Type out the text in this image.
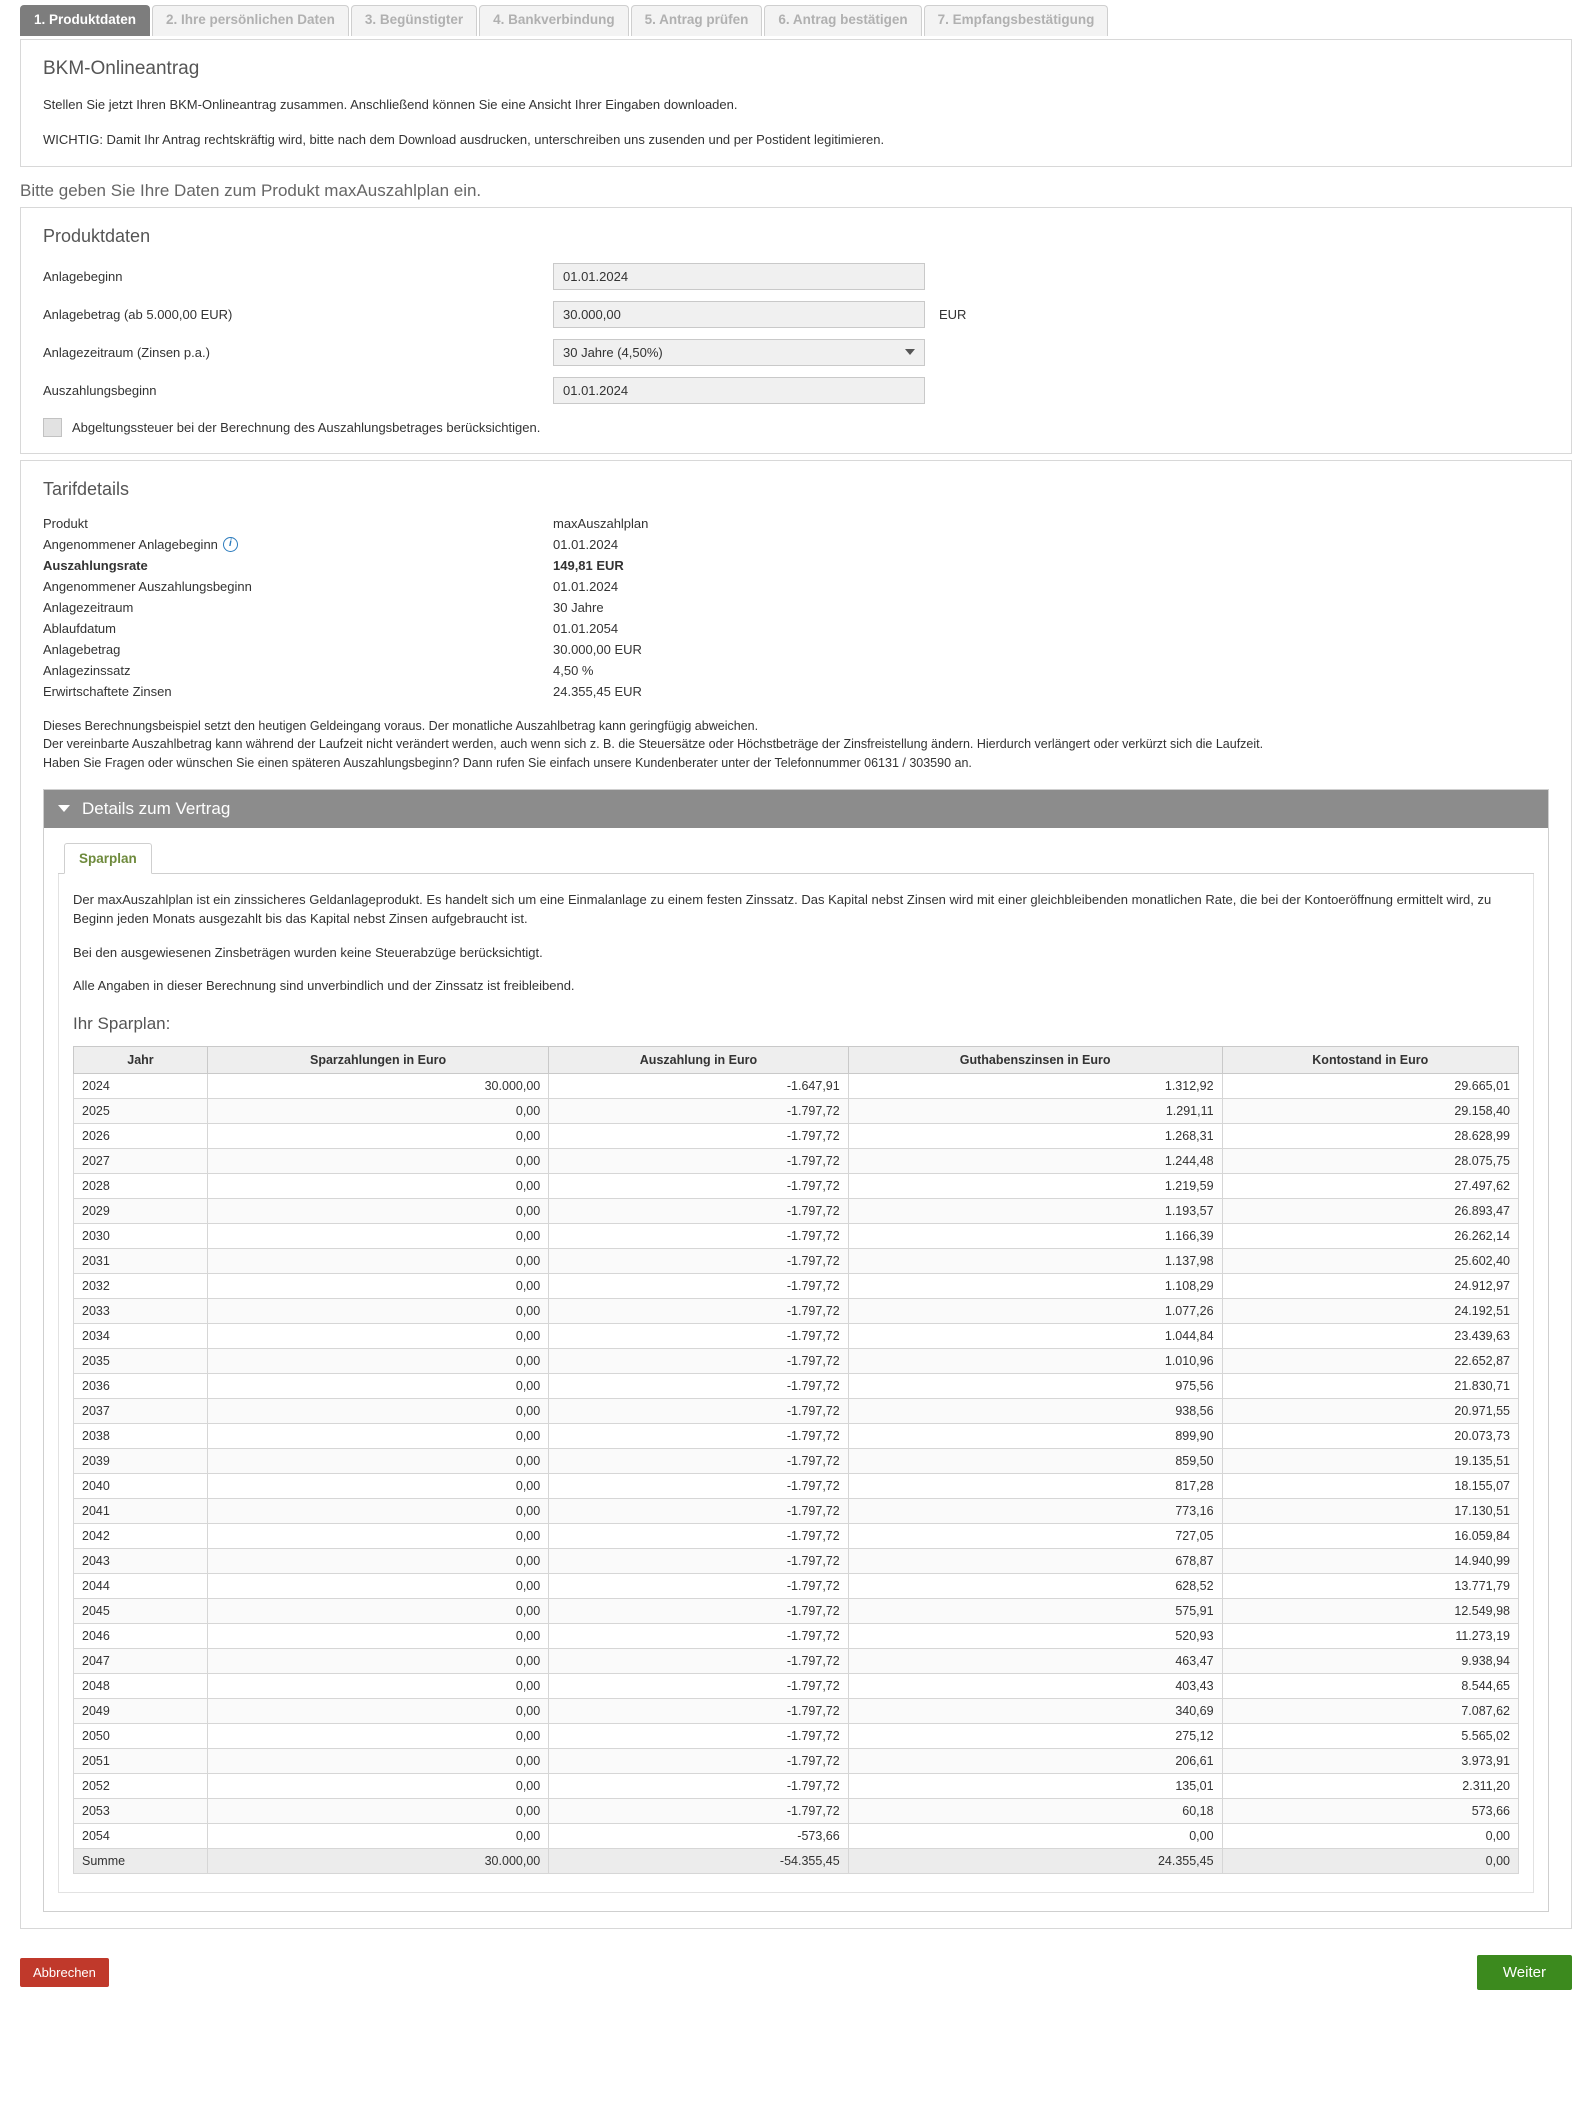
1. Produktdaten	2. Ihre persönlichen Daten	3. Begünstigter	4. Bankverbindung	5. Antrag prüfen	6. Antrag bestätigen	7. Empfangsbestätigung
BKM-Onlineantrag

Stellen Sie jetzt Ihren BKM-Onlineantrag zusammen. Anschließend können Sie eine Ansicht Ihrer Eingaben downloaden.

WICHTIG: Damit Ihr Antrag rechtskräftig wird, bitte nach dem Download ausdrucken, unterschreiben uns zusenden und per Postident legitimieren.

Bitte geben Sie Ihre Daten zum Produkt maxAuszahlplan ein.
Produktdaten
Anlagebeginn	01.01.2024
Anlagebetrag (ab 5.000,00 EUR)	30.000,00	EUR
Anlagezeitraum (Zinsen p.a.)	30 Jahre (4,50%)
Auszahlungsbeginn	01.01.2024
Abgeltungssteuer bei der Berechnung des Auszahlungsbetrages berücksichtigen.
Tarifdetails
Produkt	maxAuszahlplan
Angenommener Anlagebeginn	i	01.01.2024
Auszahlungsrate	149,81 EUR
Angenommener Auszahlungsbeginn	01.01.2024
Anlagezeitraum	30 Jahre
Ablaufdatum	01.01.2054
Anlagebetrag	30.000,00 EUR
Anlagezinssatz	4,50 %
Erwirtschaftete Zinsen	24.355,45 EUR
Dieses Berechnungsbeispiel setzt den heutigen Geldeingang voraus. Der monatliche Auszahlbetrag kann geringfügig abweichen.
Der vereinbarte Auszahlbetrag kann während der Laufzeit nicht verändert werden, auch wenn sich z. B. die Steuersätze oder Höchstbeträge der Zinsfreistellung ändern. Hierdurch verlängert oder verkürzt sich die Laufzeit.
Haben Sie Fragen oder wünschen Sie einen späteren Auszahlungsbeginn? Dann rufen Sie einfach unsere Kundenberater unter der Telefonnummer 06131 / 303590 an.
Details zum Vertrag
Sparplan

Der maxAuszahlplan ist ein zinssicheres Geldanlageprodukt. Es handelt sich um eine Einmalanlage zu einem festen Zinssatz. Das Kapital nebst Zinsen wird mit einer gleichbleibenden monatlichen Rate, die bei der Kontoeröffnung ermittelt wird, zu Beginn jeden Monats ausgezahlt bis das Kapital nebst Zinsen aufgebraucht ist.

Bei den ausgewiesenen Zinsbeträgen wurden keine Steuerabzüge berücksichtigt.

Alle Angaben in dieser Berechnung sind unverbindlich und der Zinssatz ist freibleibend.

Ihr Sparplan:
Jahr	Sparzahlungen in Euro	Auszahlung in Euro	Guthabenszinsen in Euro	Kontostand in Euro
2024	30.000,00	-1.647,91	1.312,92	29.665,01
2025	0,00	-1.797,72	1.291,11	29.158,40
2026	0,00	-1.797,72	1.268,31	28.628,99
2027	0,00	-1.797,72	1.244,48	28.075,75
2028	0,00	-1.797,72	1.219,59	27.497,62
2029	0,00	-1.797,72	1.193,57	26.893,47
2030	0,00	-1.797,72	1.166,39	26.262,14
2031	0,00	-1.797,72	1.137,98	25.602,40
2032	0,00	-1.797,72	1.108,29	24.912,97
2033	0,00	-1.797,72	1.077,26	24.192,51
2034	0,00	-1.797,72	1.044,84	23.439,63
2035	0,00	-1.797,72	1.010,96	22.652,87
2036	0,00	-1.797,72	975,56	21.830,71
2037	0,00	-1.797,72	938,56	20.971,55
2038	0,00	-1.797,72	899,90	20.073,73
2039	0,00	-1.797,72	859,50	19.135,51
2040	0,00	-1.797,72	817,28	18.155,07
2041	0,00	-1.797,72	773,16	17.130,51
2042	0,00	-1.797,72	727,05	16.059,84
2043	0,00	-1.797,72	678,87	14.940,99
2044	0,00	-1.797,72	628,52	13.771,79
2045	0,00	-1.797,72	575,91	12.549,98
2046	0,00	-1.797,72	520,93	11.273,19
2047	0,00	-1.797,72	463,47	9.938,94
2048	0,00	-1.797,72	403,43	8.544,65
2049	0,00	-1.797,72	340,69	7.087,62
2050	0,00	-1.797,72	275,12	5.565,02
2051	0,00	-1.797,72	206,61	3.973,91
2052	0,00	-1.797,72	135,01	2.311,20
2053	0,00	-1.797,72	60,18	573,66
2054	0,00	-573,66	0,00	0,00
Summe	30.000,00	-54.355,45	24.355,45	0,00
Abbrechen	Weiter
